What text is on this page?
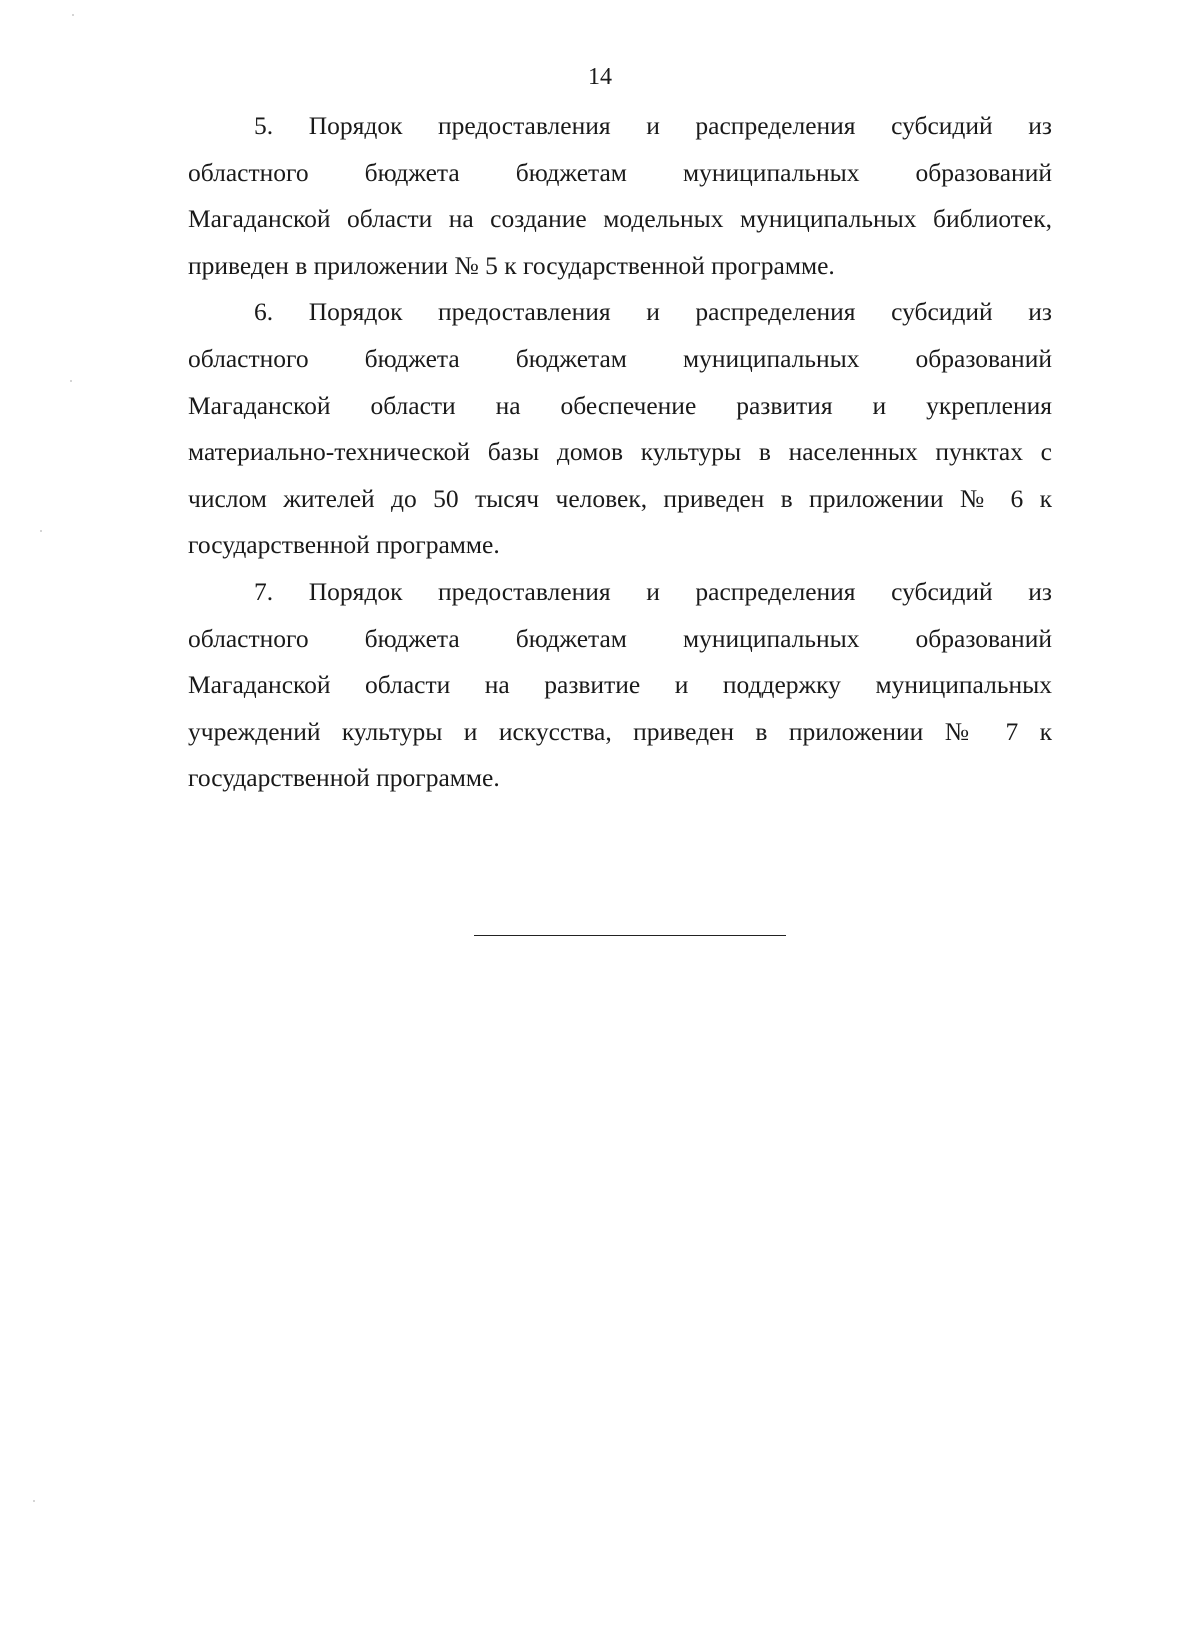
14
5. Порядок предоставления и распределения субсидий из
областного бюджета бюджетам муниципальных образований
Магаданской области на создание модельных муниципальных библиотек,
приведен в приложении № 5 к государственной программе.
6. Порядок предоставления и распределения субсидий из
областного бюджета бюджетам муниципальных образований
Магаданской области на обеспечение развития и укрепления
материально-технической базы домов культуры в населенных пунктах с
числом жителей до 50 тысяч человек, приведен в приложении № 6 к
государственной программе.
7. Порядок предоставления и распределения субсидий из
областного бюджета бюджетам муниципальных образований
Магаданской области на развитие и поддержку муниципальных
учреждений культуры и искусства, приведен в приложении № 7 к
государственной программе.
